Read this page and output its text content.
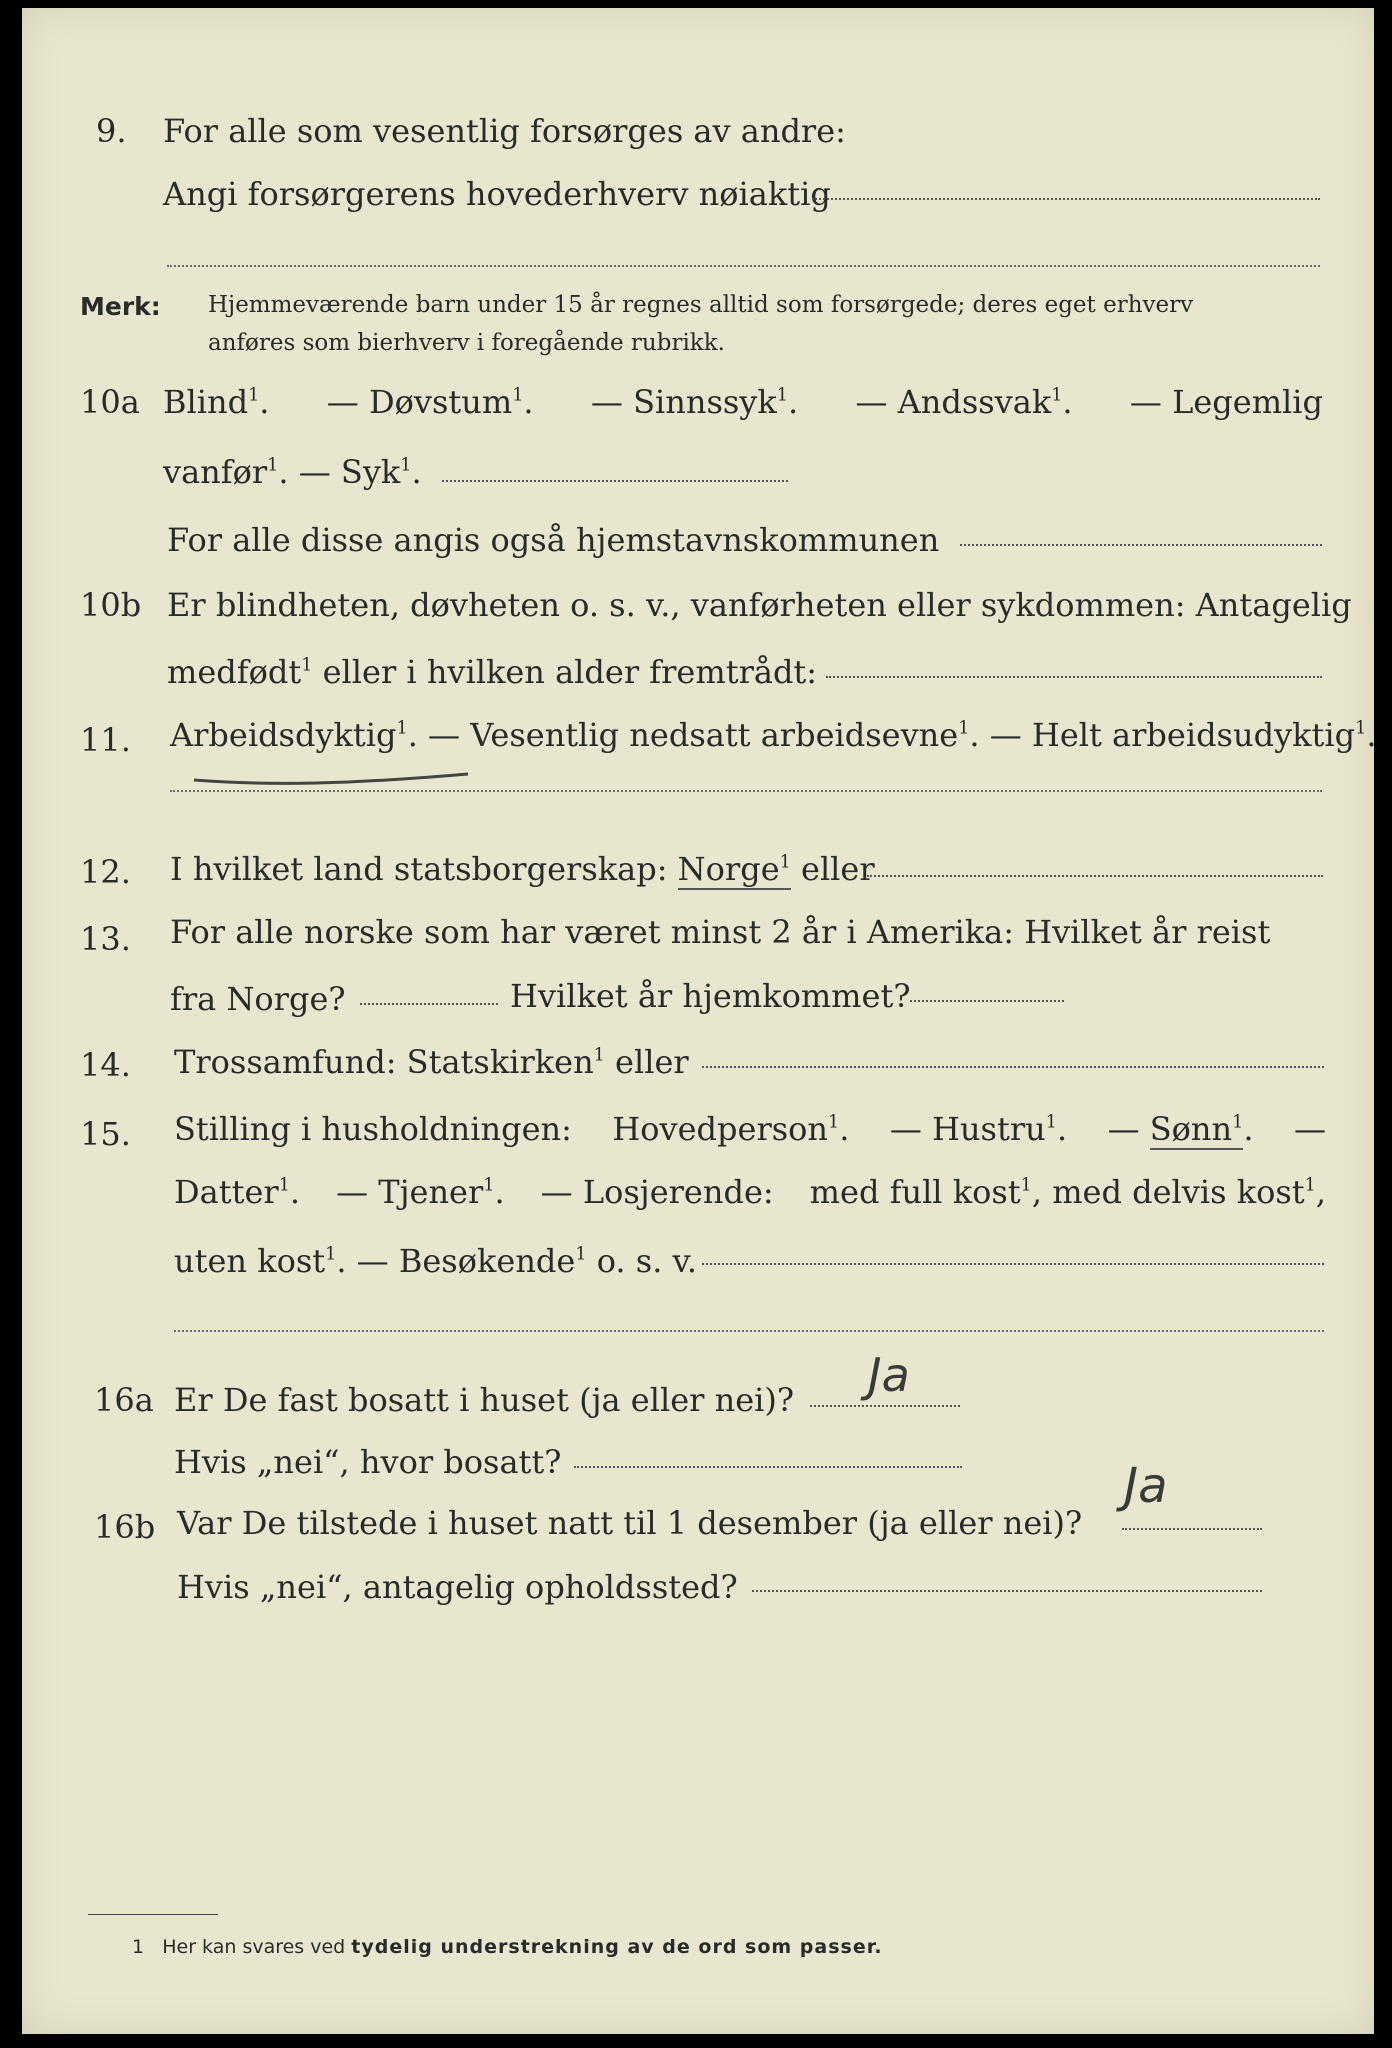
9. For alle som vesentlig forsørges av andre:
Angi forsørgerens hovederhverv nøiaktig
Merk: Hjemmeværende barn under 15 år regnes alltid som forsørgede; deres eget erhverv
anføres som bierhverv i foregående rubrikk.
10a Blind$^1$. — Døvstum$^1$. — Sinnssyk$^1$. — Andssvak$^1$. — Legemlig
vanfør$^1$. — Syk$^1$.
For alle disse angis også hjemstavnskommunen
10b Er blindheten, døvheten o. s. v., vanførheten eller sykdommen: Antagelig
medfødt$^1$ eller i hvilken alder fremtrådt:
11. Arbeidsdyktig$^1$. — Vesentlig nedsatt arbeidsevne$^1$. — Helt arbeidsudyktig$^1$.
12. I hvilket land statsborgerskap: Norge$^1$ eller
13. For alle norske som har været minst 2 år i Amerika: Hvilket år reist
fra Norge?	Hvilket år hjemkommet?
14. Trossamfund: Statskirken$^1$ eller
15. Stilling i husholdningen: Hovedperson$^1$. — Hustru$^1$. — Sønn$^1$. —
Datter$^1$. — Tjener$^1$. — Losjerende: med full kost$^1$, med delvis kost$^1$,
uten kost$^1$. — Besøkende$^1$ o. s. v.
16a Er De fast bosatt i huset (ja eller nei)? Ja
Hvis „nei“, hvor bosatt?
16b Var De tilstede i huset natt til 1 desember (ja eller nei)?
Ja
Hvis „nei“, antagelig opholdssted?
1 Her kan svares ved tydelig understrekning av de ord som passer.
